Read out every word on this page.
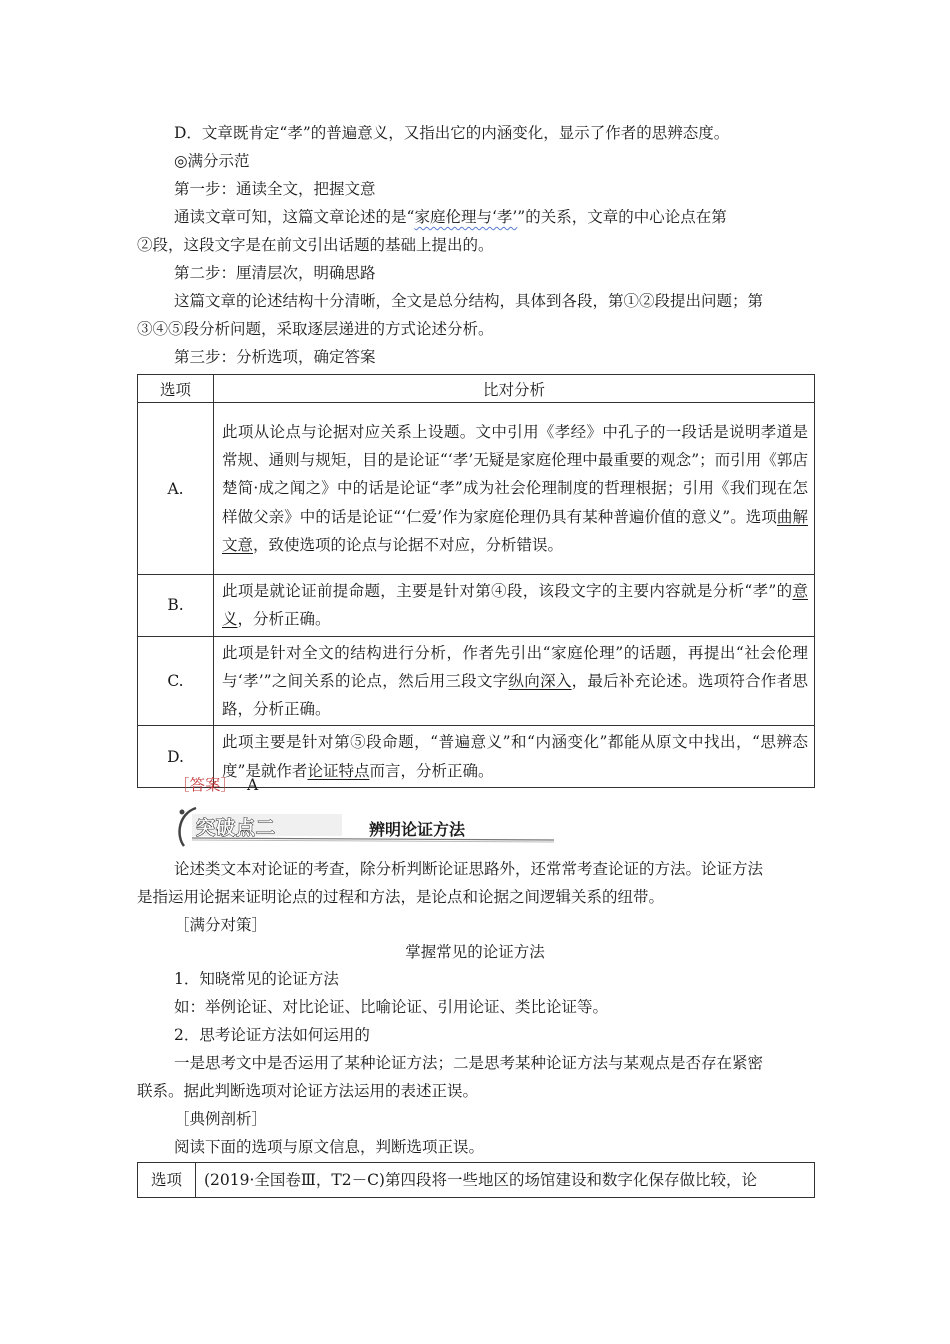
D．文章既肯定“孝”的普遍意义，又指出它的内涵变化，显示了作者的思辨态度。
◎满分示范
第一步：通读全文，把握文意
通读文章可知，这篇文章论述的是“家庭伦理与‘孝’”的关系，文章的中心论点在第
②段，这段文字是在前文引出话题的基础上提出的。
第二步：厘清层次，明确思路
这篇文章的论述结构十分清晰，全文是总分结构，具体到各段，第①②段提出问题；第
③④⑤段分析问题，采取逐层递进的方式论述分析。
第三步：分析选项，确定答案
选项	比对分析
A.	此项从论点与论据对应关系上设题。文中引用《孝经》中孔子的一段话是说明孝道是常规、通则与规矩，目的是论证“‘孝’无疑是家庭伦理中最重要的观念”；而引用《郭店楚简·成之闻之》中的话是论证“孝”成为社会伦理制度的哲理根据；引用《我们现在怎样做父亲》中的话是论证“‘仁爱’作为家庭伦理仍具有某种普遍价值的意义”。选项曲解文意，致使选项的论点与论据不对应，分析错误。
B.	此项是就论证前提命题，主要是针对第④段，该段文字的主要内容就是分析“孝”的意义，分析正确。
C.	此项是针对全文的结构进行分析，作者先引出“家庭伦理”的话题，再提出“社会伦理与‘孝’”之间关系的论点，然后用三段文字纵向深入，最后补充论述。选项符合作者思路，分析正确。
D.	此项主要是针对第⑤段命题，“普遍意义”和“内涵变化”都能从原文中找出，“思辨态度”是就作者论证特点而言，分析正确。
［答案］ A
突破点二	辨明论证方法
论述类文本对论证的考查，除分析判断论证思路外，还常常考查论证的方法。论证方法
是指运用论据来证明论点的过程和方法，是论点和论据之间逻辑关系的纽带。
［满分对策］
掌握常见的论证方法
1．知晓常见的论证方法
如：举例论证、对比论证、比喻论证、引用论证、类比论证等。
2．思考论证方法如何运用的
一是思考文中是否运用了某种论证方法；二是思考某种论证方法与某观点是否存在紧密
联系。据此判断选项对论证方法运用的表述正误。
［典例剖析］
阅读下面的选项与原文信息，判断选项正误。
选项	(2019·全国卷Ⅲ，T2－C)第四段将一些地区的场馆建设和数字化保存做比较，论
